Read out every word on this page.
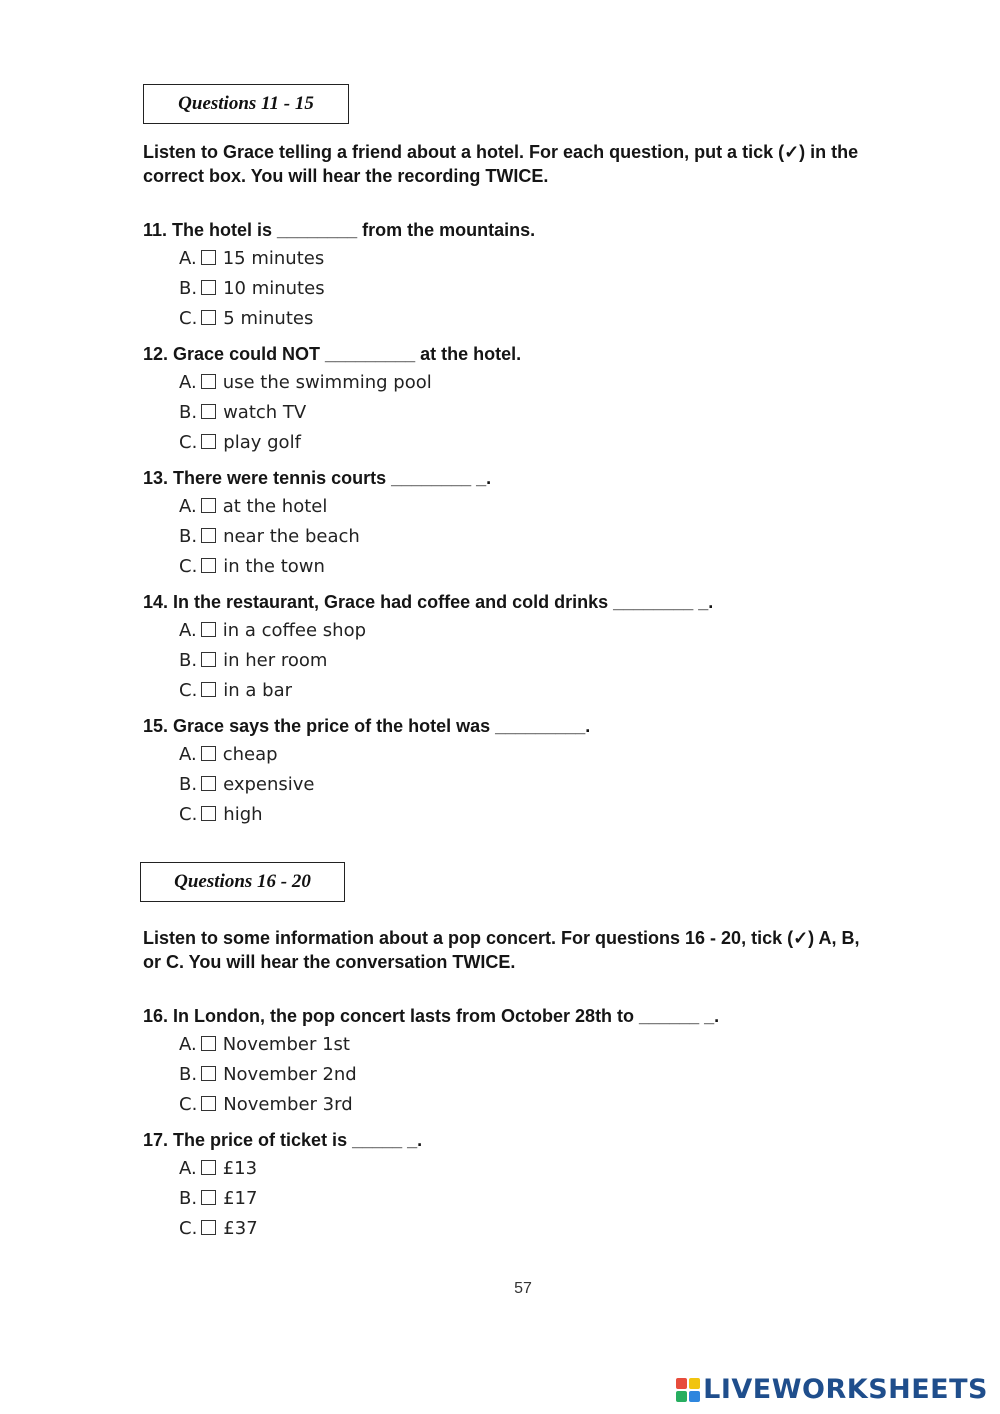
Questions 11 - 15
Listen to Grace telling a friend about a hotel. For each question, put a tick (✓) in the correct box. You will hear the recording TWICE.
11. The hotel is ________ from the mountains.
A. 15 minutes
B. 10 minutes
C. 5 minutes
12. Grace could NOT _________ at the hotel.
A. use the swimming pool
B. watch TV
C. play golf
13. There were tennis courts ________ _.
A. at the hotel
B. near the beach
C. in the town
14. In the restaurant, Grace had coffee and cold drinks ________ _.
A. in a coffee shop
B. in her room
C. in a bar
15. Grace says the price of the hotel was _________.
A. cheap
B. expensive
C. high
Questions 16 - 20
Listen to some information about a pop concert. For questions 16 - 20, tick (✓) A, B, or C. You will hear the conversation TWICE.
16. In London, the pop concert lasts from October 28th to ______ _.
A. November 1st
B. November 2nd
C. November 3rd
17. The price of ticket is _____ _.
A. £13
B. £17
C. £37
57
LIVEWORKSHEETS
